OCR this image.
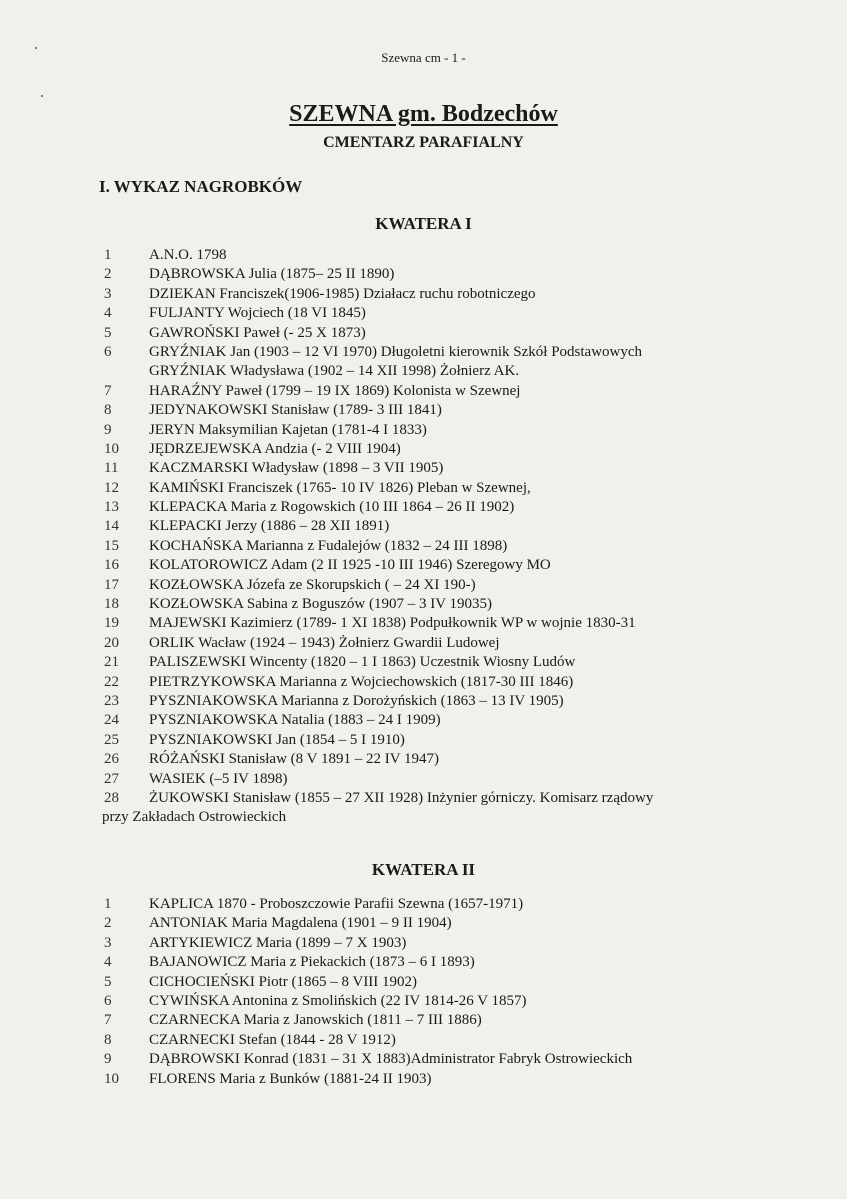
Szewna cm - 1 -
SZEWNA gm. Bodzechów
CMENTARZ PARAFIALNY
I. WYKAZ NAGROBKÓW
KWATERA I
1	A.N.O. 1798
2	DĄBROWSKA Julia (1875– 25 II 1890)
3	DZIEKAN Franciszek(1906-1985) Działacz ruchu robotniczego
4	FULJANTY Wojciech (18 VI 1845)
5	GAWROŃSKI Paweł (- 25 X 1873)
6	GRYŹNIAK Jan (1903 – 12 VI 1970) Długoletni kierownik Szkół Podstawowych
GRYŹNIAK Władysława (1902 – 14 XII 1998) Żołnierz AK.
7	HARAŹNY Paweł (1799 – 19 IX 1869) Kolonista w Szewnej
8	JEDYNAKOWSKI Stanisław (1789- 3 III 1841)
9	JERYN Maksymilian Kajetan (1781-4 I 1833)
10 JĘDRZEJEWSKA Andzia (- 2 VIII 1904)
11 KACZMARSKI Władysław (1898 – 3 VII 1905)
12 KAMIŃSKI Franciszek (1765- 10 IV 1826) Pleban w Szewnej,
13 KLEPACKA Maria z Rogowskich (10 III 1864 – 26 II 1902)
14 KLEPACKI Jerzy (1886 – 28 XII 1891)
15 KOCHAŃSKA Marianna z Fudalejów (1832 – 24 III 1898)
16 KOLATOROWICZ Adam (2 II 1925 -10 III 1946) Szeregowy MO
17 KOZŁOWSKA Józefa ze Skorupskich ( – 24 XI 190-)
18 KOZŁOWSKA Sabina z Boguszów (1907 – 3 IV 19035)
19 MAJEWSKI Kazimierz (1789- 1 XI 1838) Podpułkownik WP w wojnie 1830-31
20 ORLIK Wacław (1924 – 1943) Żołnierz Gwardii Ludowej
21 PALISZEWSKI Wincenty (1820 – 1 I 1863) Uczestnik Wiosny Ludów
22 PIETRZYKOWSKA Marianna z Wojciechowskich (1817-30 III 1846)
23 PYSZNIAKOWSKA Marianna z Dorożyńskich (1863 – 13 IV 1905)
24 PYSZNIAKOWSKA Natalia (1883 – 24 I 1909)
25 PYSZNIAKOWSKI Jan (1854 – 5 I 1910)
26 RÓŻAŃSKI Stanisław (8 V 1891 – 22 IV 1947)
27 WASIEK (–5 IV 1898)
28 ŻUKOWSKI Stanisław (1855 – 27 XII 1928) Inżynier górniczy. Komisarz rządowy
przy Zakładach Ostrowieckich
KWATERA II
1	KAPLICA 1870 - Proboszczowie Parafii Szewna (1657-1971)
2	ANTONIAK Maria Magdalena (1901 – 9 II 1904)
3	ARTYKIEWICZ Maria (1899 – 7 X 1903)
4	BAJANOWICZ Maria z Piekackich (1873 – 6 I 1893)
5	CICHOCIEŃSKI Piotr (1865 – 8 VIII 1902)
6	CYWIŃSKA Antonina z Smolińskich (22 IV 1814-26 V 1857)
7	CZARNECKA Maria z Janowskich (1811 – 7 III 1886)
8	CZARNECKI Stefan (1844 - 28 V 1912)
9	DĄBROWSKI Konrad (1831 – 31 X 1883)Administrator Fabryk Ostrowieckich
10 FLORENS Maria z Bunków (1881-24 II 1903)
